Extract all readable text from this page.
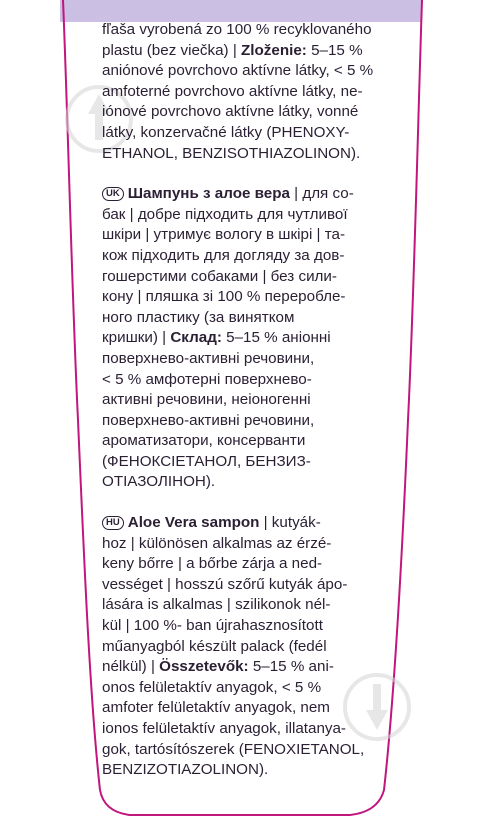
fľaša vyrobená zo 100 % recyklovaného
plastu (bez viečka) | Zloženie: 5–15 %
aniónové povrchovo aktívne látky, < 5 %
amfoterné povrchovo aktívne látky, ne-
iónové povrchovo aktívne látky, vonné
látky, konzervačné látky (PHENOXY-
ETHANOL, BENZISOTHIAZOLINON).
UK Шампунь з алое вера | для со-
бак | добре підходить для чутливої
шкіри | утримує вологу в шкірі | та-
кож підходить для догляду за дов-
гошерстими собаками | без сили-
кону | пляшка зі 100 % переробле-
ного пластику (за винятком
кришки) | Склад: 5–15 % аніонні
поверхнево-активні речовини,
< 5 % амфотерні поверхнево-
активні речовини, неіоногенні
поверхнево-активні речовини,
ароматизатори, консерванти
(ФЕНОКСІЕТАНОЛ, БЕНЗИЗ-
ОТІАЗОЛІНОН).
HU Aloe Vera sampon | kutyák-
hoz | különösen alkalmas az érzé-
keny bőrre | a bőrbe zárja a ned-
vességet | hosszú szőrű kutyák ápo-
lására is alkalmas | szilikonok nél-
kül | 100 %- ban újrahasznosított
műanyagból készült palack (fedél
nélkül) | Összetevők: 5–15 % ani-
onos felületaktív anyagok, < 5 %
amfoter felületaktív anyagok, nem
ionos felületaktív anyagok, illatanya-
gok, tartósítószerek (FENOXIETANOL,
BENZIZOTIAZOLINON).
